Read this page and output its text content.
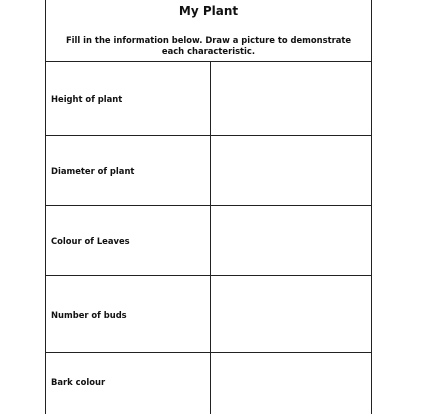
My Plant
Fill in the information below. Draw a picture to demonstrate
each characteristic.
Height of plant
Diameter of plant
Colour of Leaves
Number of buds
Bark colour
